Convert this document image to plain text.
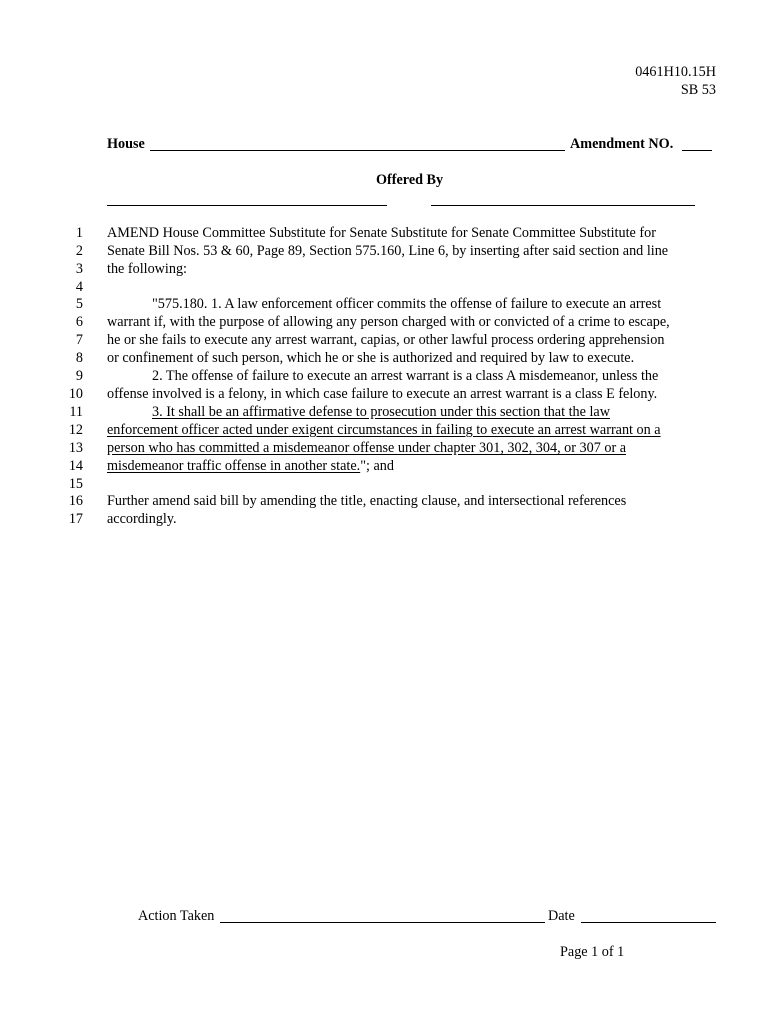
0461H10.15H
SB 53
House	Amendment NO.
Offered By
1 AMEND House Committee Substitute for Senate Substitute for Senate Committee Substitute for
2 Senate Bill Nos. 53 & 60, Page 89, Section 575.160, Line 6, by inserting after said section and line
3 the following:
4
5	"575.180. 1. A law enforcement officer commits the offense of failure to execute an arrest
6 warrant if, with the purpose of allowing any person charged with or convicted of a crime to escape,
7 he or she fails to execute any arrest warrant, capias, or other lawful process ordering apprehension
8 or confinement of such person, which he or she is authorized and required by law to execute.
9	2. The offense of failure to execute an arrest warrant is a class A misdemeanor, unless the
10 offense involved is a felony, in which case failure to execute an arrest warrant is a class E felony.
11	3. It shall be an affirmative defense to prosecution under this section that the law
12 enforcement officer acted under exigent circumstances in failing to execute an arrest warrant on a
13 person who has committed a misdemeanor offense under chapter 301, 302, 304, or 307 or a
14 misdemeanor traffic offense in another state."; and
15
16 Further amend said bill by amending the title, enacting clause, and intersectional references
17 accordingly.
Action Taken	Date
Page 1 of 1
